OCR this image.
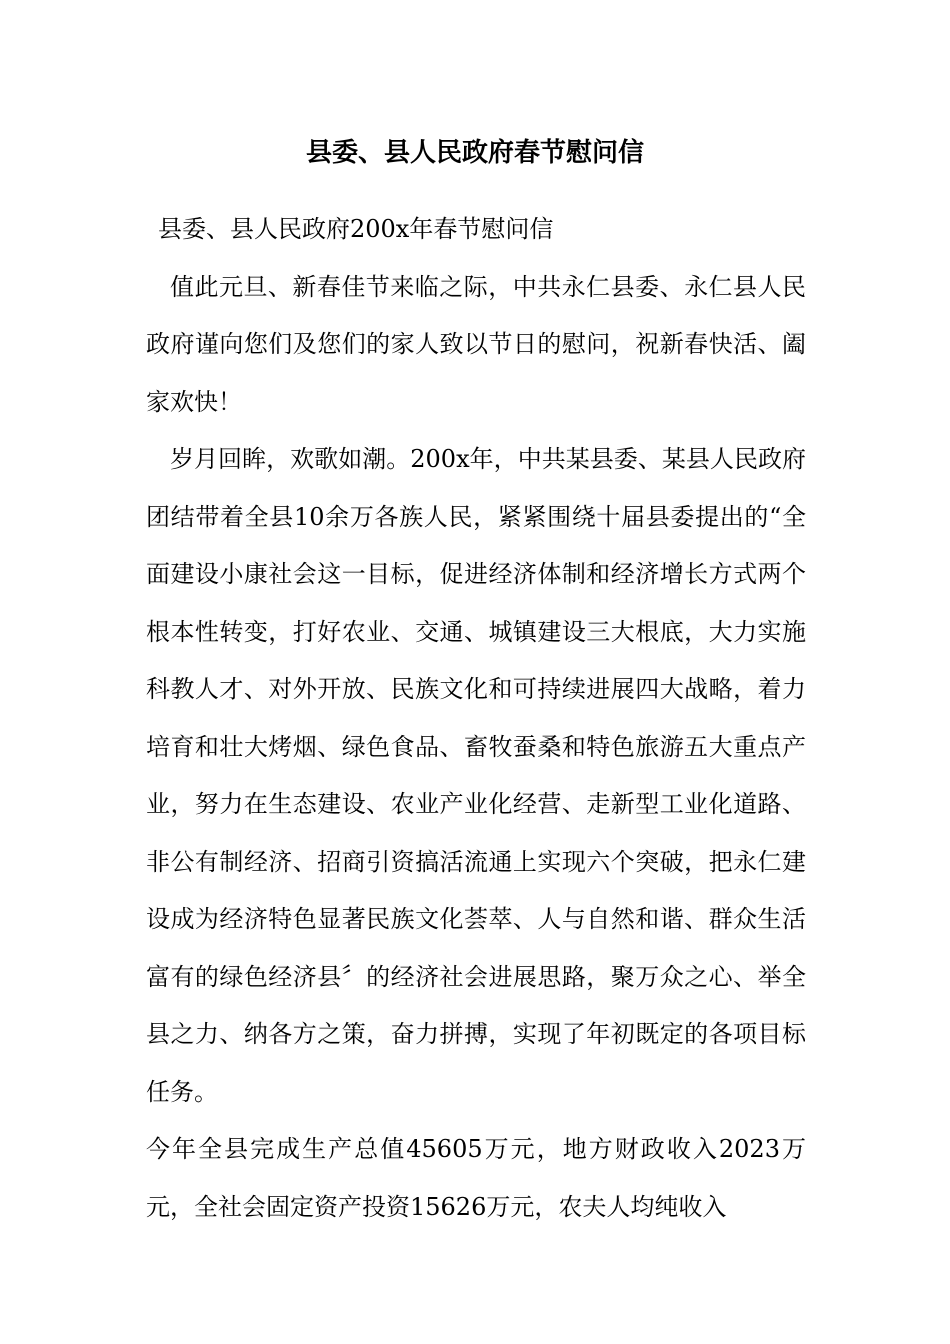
县委、县人民政府春节慰问信

县委、县人民政府200x年春节慰问信

值此元旦、新春佳节来临之际，中共永仁县委、永仁县人民政府谨向您们及您们的家人致以节日的慰问，祝新春快活、阖家欢快！

岁月回眸，欢歌如潮。200x年，中共某县委、某县人民政府团结带着全县10余万各族人民，紧紧围绕十届县委提出的“全面建设小康社会这一目标，促进经济体制和经济增长方式两个根本性转变，打好农业、交通、城镇建设三大根底，大力实施科教人才、对外开放、民族文化和可持续进展四大战略，着力培育和壮大烤烟、绿色食品、畜牧蚕桑和特色旅游五大重点产业，努力在生态建设、农业产业化经营、走新型工业化道路、非公有制经济、招商引资搞活流通上实现六个突破，把永仁建设成为经济特色显著民族文化荟萃、人与自然和谐、群众生活富有的绿色经济县〞的经济社会进展思路，聚万众之心、举全县之力、纳各方之策，奋力拼搏，实现了年初既定的各项目标任务。

今年全县完成生产总值45605万元，地方财政收入2023万元，全社会固定资产投资15626万元，农夫人均纯收入
